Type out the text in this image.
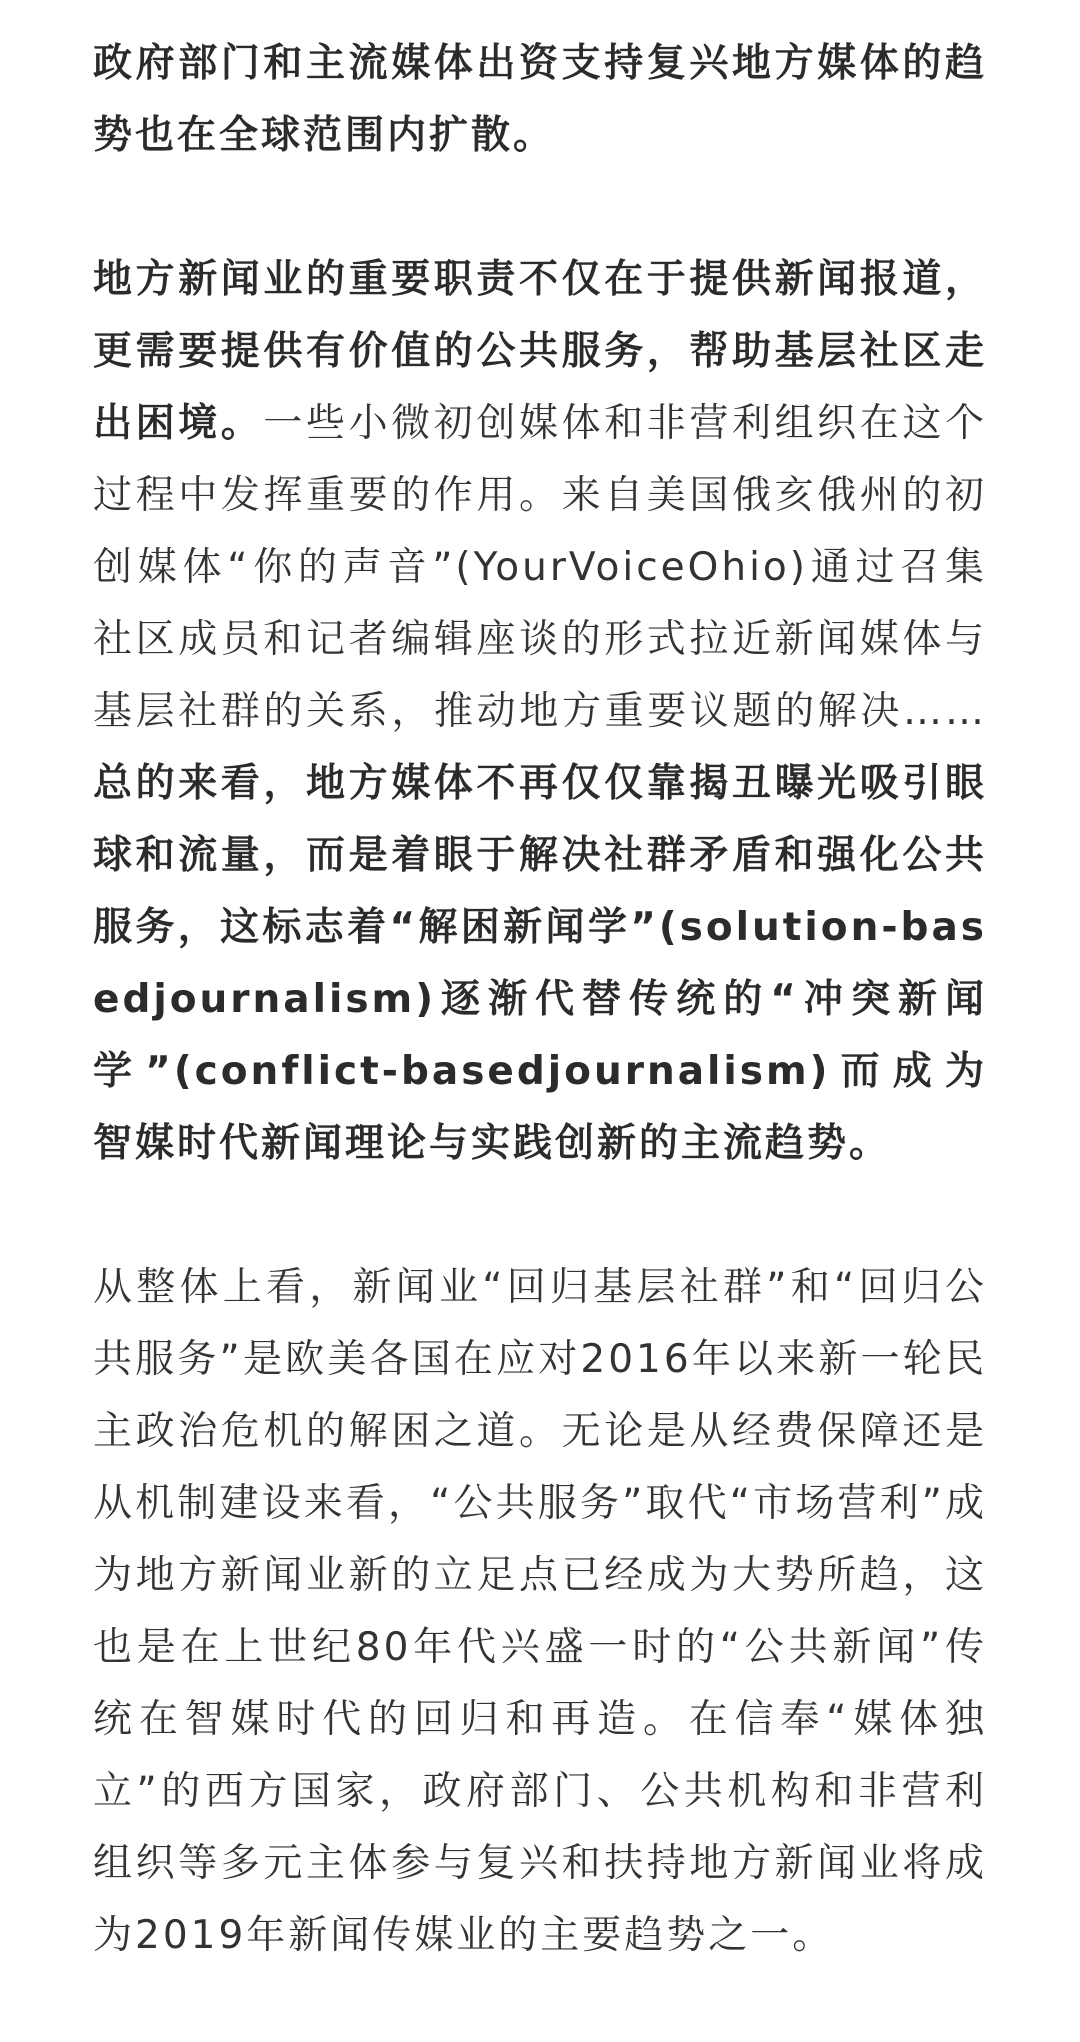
政府部门和主流媒体出资支持复兴地方媒体的趋势也在全球范围内扩散。

地方新闻业的重要职责不仅在于提供新闻报道，更需要提供有价值的公共服务，帮助基层社区走出困境。一些小微初创媒体和非营利组织在这个过程中发挥重要的作用。来自美国俄亥俄州的初创媒体“你的声音”(YourVoiceOhio)通过召集社区成员和记者编辑座谈的形式拉近新闻媒体与基层社群的关系，推动地方重要议题的解决……总的来看，地方媒体不再仅仅靠揭丑曝光吸引眼球和流量，而是着眼于解决社群矛盾和强化公共服务，这标志着“解困新闻学”(solution-basedjournalism)逐渐代替传统的“冲突新闻学”(conflict-basedjournalism)而成为智媒时代新闻理论与实践创新的主流趋势。

从整体上看，新闻业“回归基层社群”和“回归公共服务”是欧美各国在应对2016年以来新一轮民主政治危机的解困之道。无论是从经费保障还是从机制建设来看，“公共服务”取代“市场营利”成为地方新闻业新的立足点已经成为大势所趋，这也是在上世纪80年代兴盛一时的“公共新闻”传统在智媒时代的回归和再造。在信奉“媒体独立”的西方国家，政府部门、公共机构和非营利组织等多元主体参与复兴和扶持地方新闻业将成为2019年新闻传媒业的主要趋势之一。
